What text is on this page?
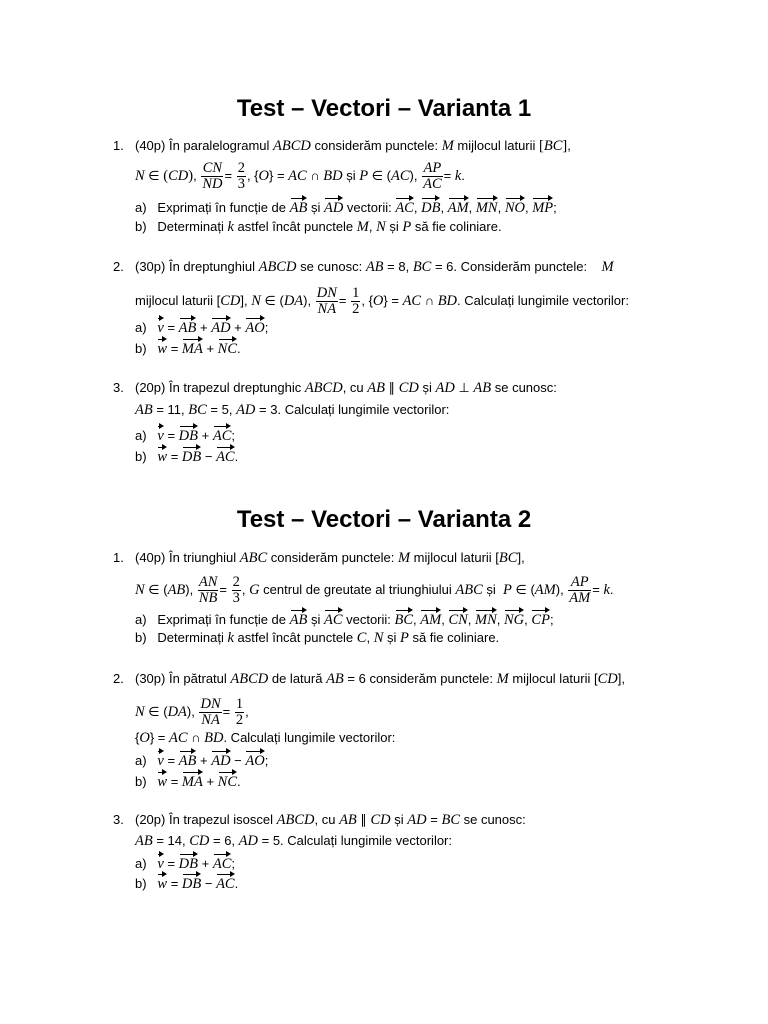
Test – Vectori – Varianta 1
1. (40p) În paralelogramul ABCD considerăm punctele: M mijlocul laturii [BC],
N ∈ (CD), $\frac{CN}{ND} = \frac{2}{3}$ , {O} = AC ∩ BD și P ∈ (AC), $\frac{AP}{AC} = k$.
a)   Exprimați în funcție de AB și AD vectorii: AC, DB, AM, MN, NO, MP;
b)   Determinați k astfel încât punctele M, N și P să fie coliniare.
2. (30p) În dreptunghiul ABCD se cunosc: AB = 8, BC = 6. Considerăm punctele:    M
mijlocul laturii [CD], N ∈ (DA), $\frac{DN}{NA} = \frac{1}{2}$ , {O} = AC ∩ BD. Calculați lungimile vectorilor:
a)   v = AB + AD + AO;
b)   w = MA + NC.
3. (20p) În trapezul dreptunghic ABCD, cu AB ∥ CD și AD ⊥ AB se cunosc:
AB = 11, BC = 5, AD = 3. Calculați lungimile vectorilor:
a)   v = DB + AC;
b)   w = DB − AC.
Test – Vectori – Varianta 2
1. (40p) În triunghiul ABC considerăm punctele: M mijlocul laturii [BC],
N ∈ (AB), $\frac{AN}{NB} = \frac{2}{3}$ , G centrul de greutate al triunghiului ABC și  P ∈ (AM), $\frac{AP}{AM} = k$.
a)   Exprimați în funcție de AB și AC vectorii: BC, AM, CN, MN, NG, CP;
b)   Determinați k astfel încât punctele C, N și P să fie coliniare.
2. (30p) În pătratul ABCD de latură AB = 6 considerăm punctele: M mijlocul laturii [CD],
N ∈ (DA), $\frac{DN}{NA} = \frac{1}{2}$ ,
{O} = AC ∩ BD. Calculați lungimile vectorilor:
a)   v = AB + AD − AO;
b)   w = MA + NC.
3. (20p) În trapezul isoscel ABCD, cu AB ∥ CD și AD = BC se cunosc:
AB = 14, CD = 6, AD = 5. Calculați lungimile vectorilor:
a)   v = DB + AC;
b)   w = DB − AC.
